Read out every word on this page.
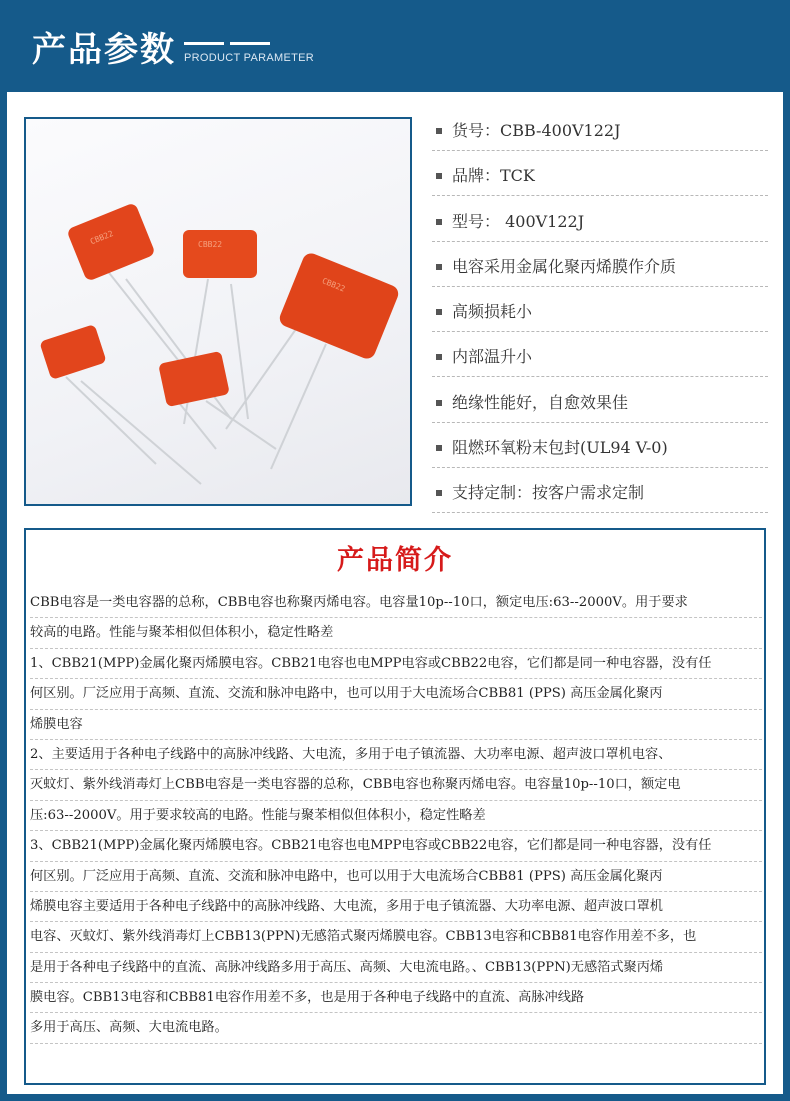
产品参数 PRODUCT PARAMETER
CBB22	CBB22
CBB22
货号：CBB-400V122J
品牌：TCK
型号： 400V122J
电容采用金属化聚丙烯膜作介质
高频损耗小
内部温升小
绝缘性能好，自愈效果佳
阻燃环氧粉末包封(UL94 V-0)
支持定制：按客户需求定制
产品简介
CBB电容是一类电容器的总称，CBB电容也称聚丙烯电容。电容量10p--10口，额定电压:63--2000V。用于要求
较高的电路。性能与聚苯相似但体积小，稳定性略差
1、CBB21(MPP)金属化聚丙烯膜电容。CBB21电容也电MPP电容或CBB22电容，它们都是同一种电容器，没有任
何区别。厂泛应用于高频、直流、交流和脉冲电路中，也可以用于大电流场合CBB81 (PPS) 高压金属化聚丙
烯膜电容
2、主要适用于各种电子线路中的高脉冲线路、大电流，多用于电子镇流器、大功率电源、超声波口罩机电容、
灭蚊灯、紫外线消毒灯上CBB电容是一类电容器的总称，CBB电容也称聚丙烯电容。电容量10p--10口，额定电
压:63--2000V。用于要求较高的电路。性能与聚苯相似但体积小，稳定性略差
3、CBB21(MPP)金属化聚丙烯膜电容。CBB21电容也电MPP电容或CBB22电容，它们都是同一种电容器，没有任
何区别。厂泛应用于高频、直流、交流和脉冲电路中，也可以用于大电流场合CBB81 (PPS) 高压金属化聚丙
烯膜电容主要适用于各种电子线路中的高脉冲线路、大电流，多用于电子镇流器、大功率电源、超声波口罩机
电容、灭蚊灯、紫外线消毒灯上CBB13(PPN)无感箔式聚丙烯膜电容。CBB13电容和CBB81电容作用差不多，也
是用于各种电子线路中的直流、高脉冲线路多用于高压、高频、大电流电路。、CBB13(PPN)无感箔式聚丙烯
膜电容。CBB13电容和CBB81电容作用差不多，也是用于各种电子线路中的直流、高脉冲线路
多用于高压、高频、大电流电路。
